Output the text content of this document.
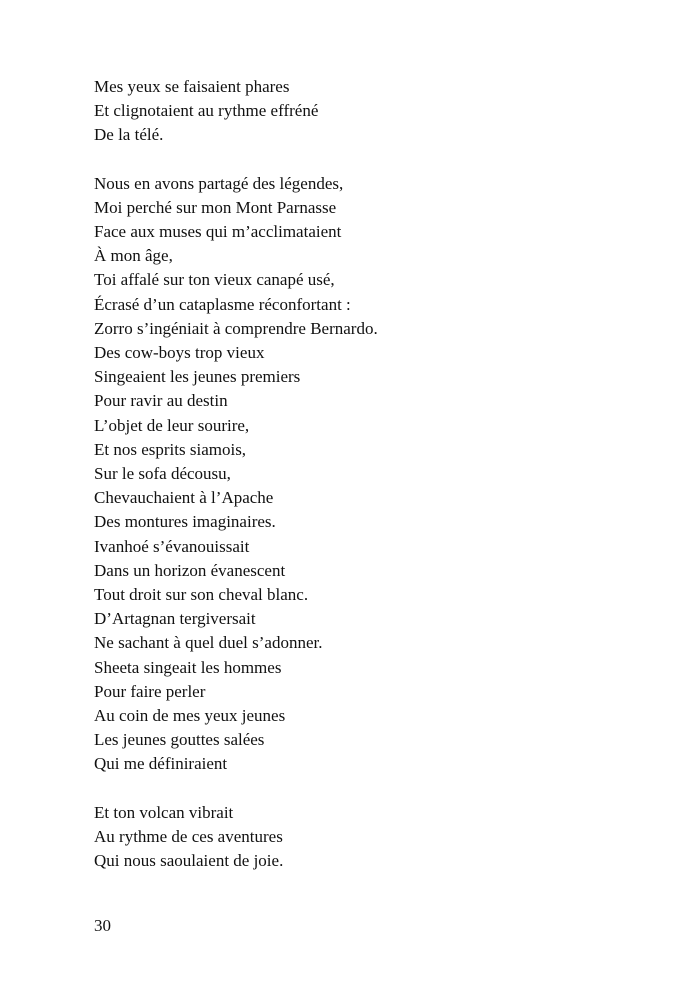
Mes yeux se faisaient phares
Et clignotaient au rythme effréné
De la télé.
Nous en avons partagé des légendes,
Moi perché sur mon Mont Parnasse
Face aux muses qui m’acclimataient
À mon âge,
Toi affalé sur ton vieux canapé usé,
Écrasé d’un cataplasme réconfortant :
Zorro s’ingéniait à comprendre Bernardo.
Des cow-boys trop vieux
Singeaient les jeunes premiers
Pour ravir au destin
L’objet de leur sourire,
Et nos esprits siamois,
Sur le sofa décousu,
Chevauchaient à l’Apache
Des montures imaginaires.
Ivanhoé s’évanouissait
Dans un horizon évanescent
Tout droit sur son cheval blanc.
D’Artagnan tergiversait
Ne sachant à quel duel s’adonner.
Sheeta singeait les hommes
Pour faire perler
Au coin de mes yeux jeunes
Les jeunes gouttes salées
Qui me définiraient
Et ton volcan vibrait
Au rythme de ces aventures
Qui nous saoulaient de joie.
30
